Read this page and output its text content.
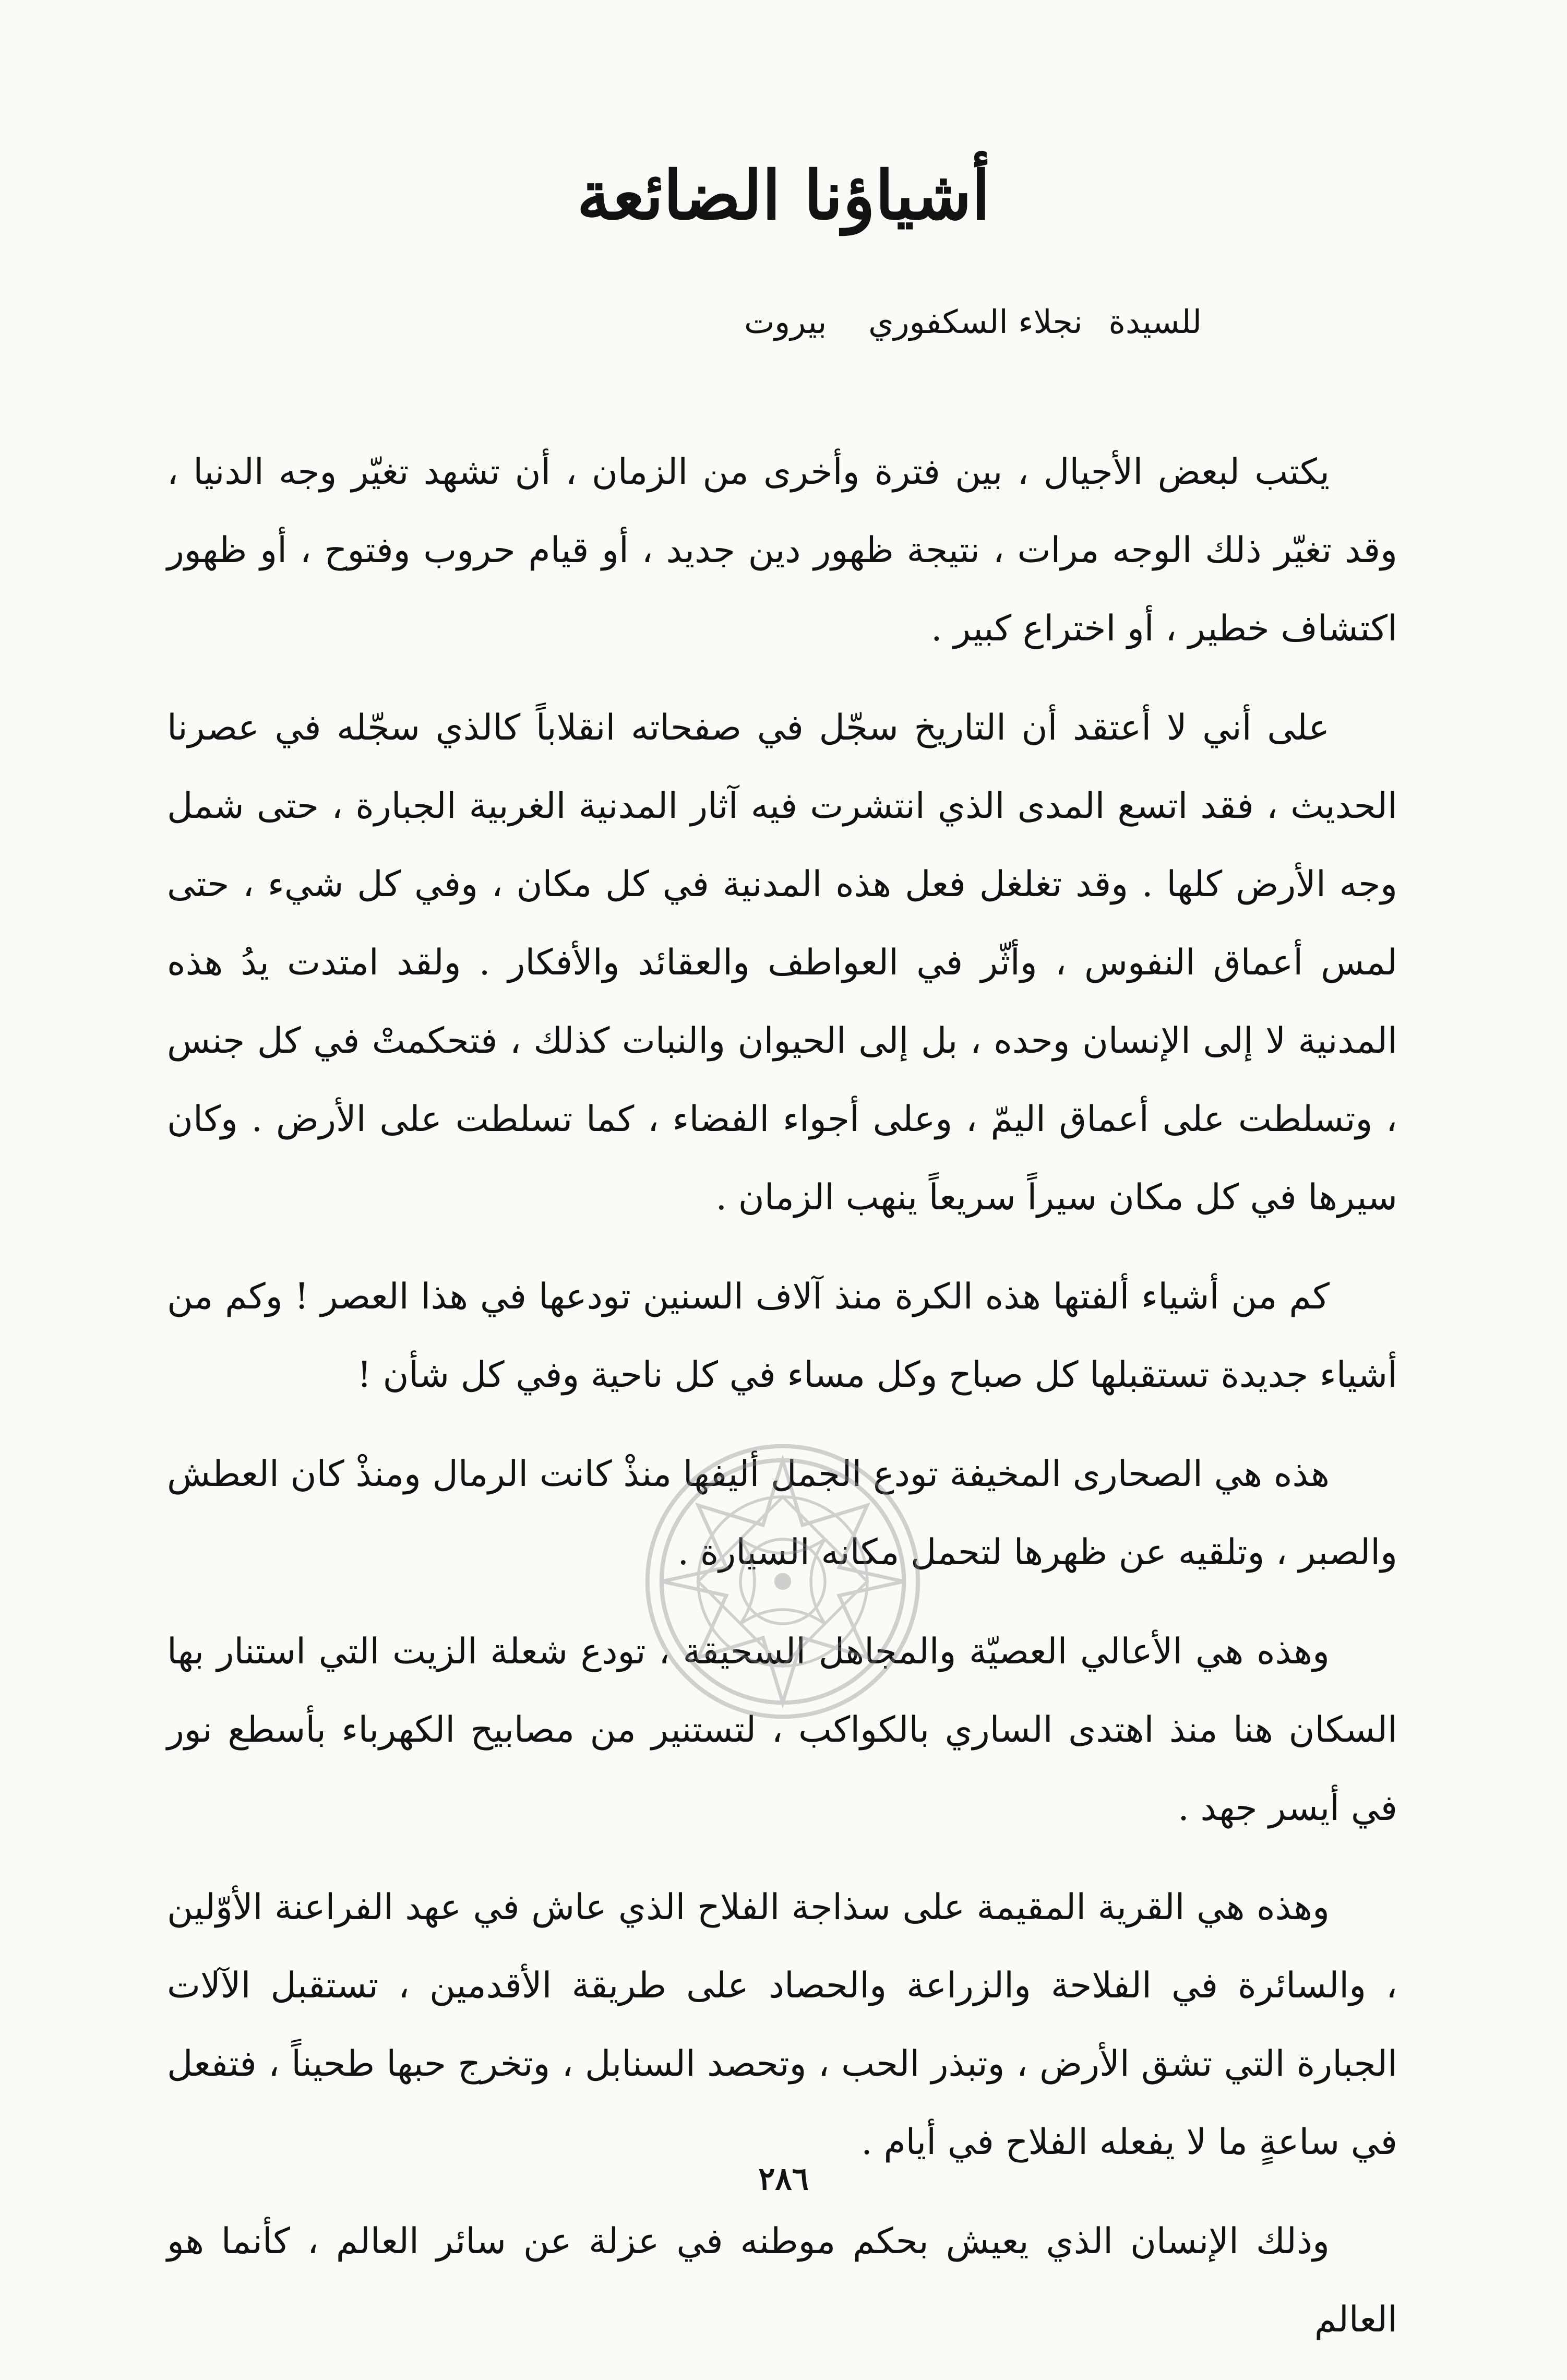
أشياؤنا الضائعة
للسيدة نجلاء السكفوري بيروت

يكتب لبعض الأجيال ، بين فترة وأخرى من الزمان ، أن تشهد تغيّر وجه الدنيا ، وقد تغيّر ذلك الوجه مرات ، نتيجة ظهور دين جديد ، أو قيام حروب وفتوح ، أو ظهور اكتشاف خطير ، أو اختراع كبير .

على أني لا أعتقد أن التاريخ سجّل في صفحاته انقلاباً كالذي سجّله في عصرنا الحديث ، فقد اتسع المدى الذي انتشرت فيه آثار المدنية الغربية الجبارة ، حتى شمل وجه الأرض كلها . وقد تغلغل فعل هذه المدنية في كل مكان ، وفي كل شيء ، حتى لمس أعماق النفوس ، وأثّر في العواطف والعقائد والأفكار . ولقد امتدت يدُ هذه المدنية لا إلى الإنسان وحده ، بل إلى الحيوان والنبات كذلك ، فتحكمتْ في كل جنس ، وتسلطت على أعماق اليمّ ، وعلى أجواء الفضاء ، كما تسلطت على الأرض . وكان سيرها في كل مكان سيراً سريعاً ينهب الزمان .

كم من أشياء ألفتها هذه الكرة منذ آلاف السنين تودعها في هذا العصر ! وكم من أشياء جديدة تستقبلها كل صباح وكل مساء في كل ناحية وفي كل شأن !

هذه هي الصحارى المخيفة تودع الجمل أليفها منذْ كانت الرمال ومنذْ كان العطش والصبر ، وتلقيه عن ظهرها لتحمل مكانه السيارة .

وهذه هي الأعالي العصيّة والمجاهل السحيقة ، تودع شعلة الزيت التي استنار بها السكان هنا منذ اهتدى الساري بالكواكب ، لتستنير من مصابيح الكهرباء بأسطع نور في أيسر جهد .

وهذه هي القرية المقيمة على سذاجة الفلاح الذي عاش في عهد الفراعنة الأوّلين ، والسائرة في الفلاحة والزراعة والحصاد على طريقة الأقدمين ، تستقبل الآلات الجبارة التي تشق الأرض ، وتبذر الحب ، وتحصد السنابل ، وتخرج حبها طحيناً ، فتفعل في ساعةٍ ما لا يفعله الفلاح في أيام .

وذلك الإنسان الذي يعيش بحكم موطنه في عزلة عن سائر العالم ، كأنما هو العالم

٢٨٦
